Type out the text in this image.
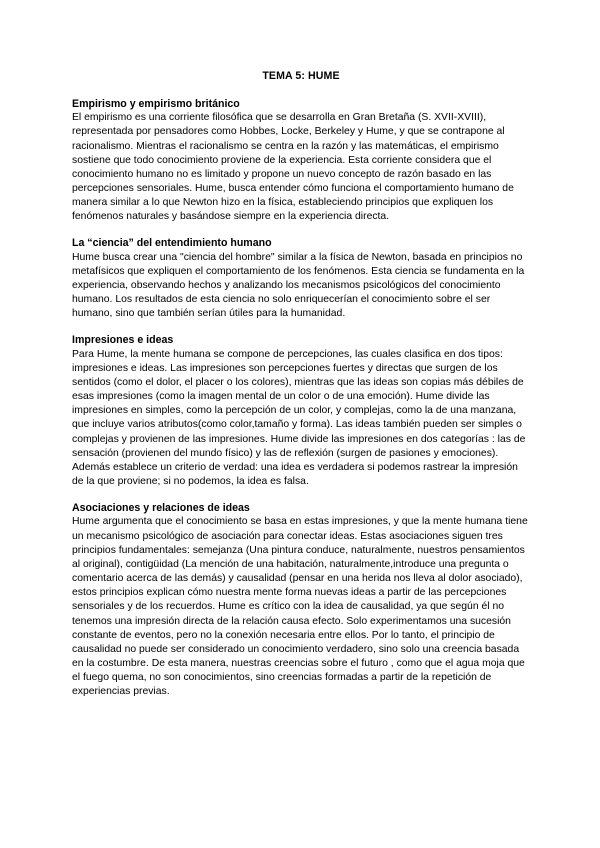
TEMA 5: HUME

Empirismo y empirismo británico

El empirismo es una corriente filosófica que se desarrolla en Gran Bretaña (S. XVII-XVIII), representada por pensadores como Hobbes, Locke, Berkeley y Hume, y que se contrapone al racionalismo. Mientras el racionalismo se centra en la razón y las matemáticas, el empirismo sostiene que todo conocimiento proviene de la experiencia. Esta corriente considera que el conocimiento humano no es limitado y propone un nuevo concepto de razón basado en las percepciones sensoriales. Hume, busca entender cómo funciona el comportamiento humano de manera similar a lo que Newton hizo en la física, estableciendo principios que expliquen los fenómenos naturales y basándose siempre en la experiencia directa.

La “ciencia” del entendimiento humano

Hume busca crear una "ciencia del hombre" similar a la física de Newton, basada en principios no metafísicos que expliquen el comportamiento de los fenómenos. Esta ciencia se fundamenta en la experiencia, observando hechos y analizando los mecanismos psicológicos del conocimiento humano. Los resultados de esta ciencia no solo enriquecerían el conocimiento sobre el ser humano, sino que también serían útiles para la humanidad.

Impresiones e ideas

Para Hume, la mente humana se compone de percepciones, las cuales clasifica en dos tipos: impresiones e ideas. Las impresiones son percepciones fuertes y directas que surgen de los sentidos (como el dolor, el placer o los colores), mientras que las ideas son copias más débiles de esas impresiones (como la imagen mental de un color o de una emoción). Hume divide las impresiones en simples, como la percepción de un color, y complejas, como la de una manzana, que incluye varios atributos(como color,tamaño y forma). Las ideas también pueden ser simples o complejas y provienen de las impresiones. Hume divide las impresiones en dos categorías : las de sensación (provienen del mundo físico) y las de reflexión (surgen de pasiones y emociones). Además establece un criterio de verdad: una idea es verdadera si podemos rastrear la impresión de la que proviene; si no podemos, la idea es falsa.

Asociaciones y relaciones de ideas

Hume argumenta que el conocimiento se basa en estas impresiones, y que la mente humana tiene un mecanismo psicológico de asociación para conectar ideas. Estas asociaciones siguen tres principios fundamentales: semejanza (Una pintura conduce, naturalmente, nuestros pensamientos al original), contigüidad (La mención de una habitación, naturalmente,introduce una pregunta o comentario acerca de las demás) y causalidad (pensar en una herida nos lleva al dolor asociado), estos principios explican cómo nuestra mente forma nuevas ideas a partir de las percepciones sensoriales y de los recuerdos. Hume es crítico con la idea de causalidad, ya que según él no tenemos una impresión directa de la relación causa efecto. Solo experimentamos una sucesión constante de eventos, pero no la conexión necesaria entre ellos. Por lo tanto, el principio de causalidad no puede ser considerado un conocimiento verdadero, sino solo una creencia basada en la costumbre. De esta manera, nuestras creencias sobre el futuro , como que el agua moja que el fuego quema, no son conocimientos, sino creencias formadas a partir de la repetición de experiencias previas.
